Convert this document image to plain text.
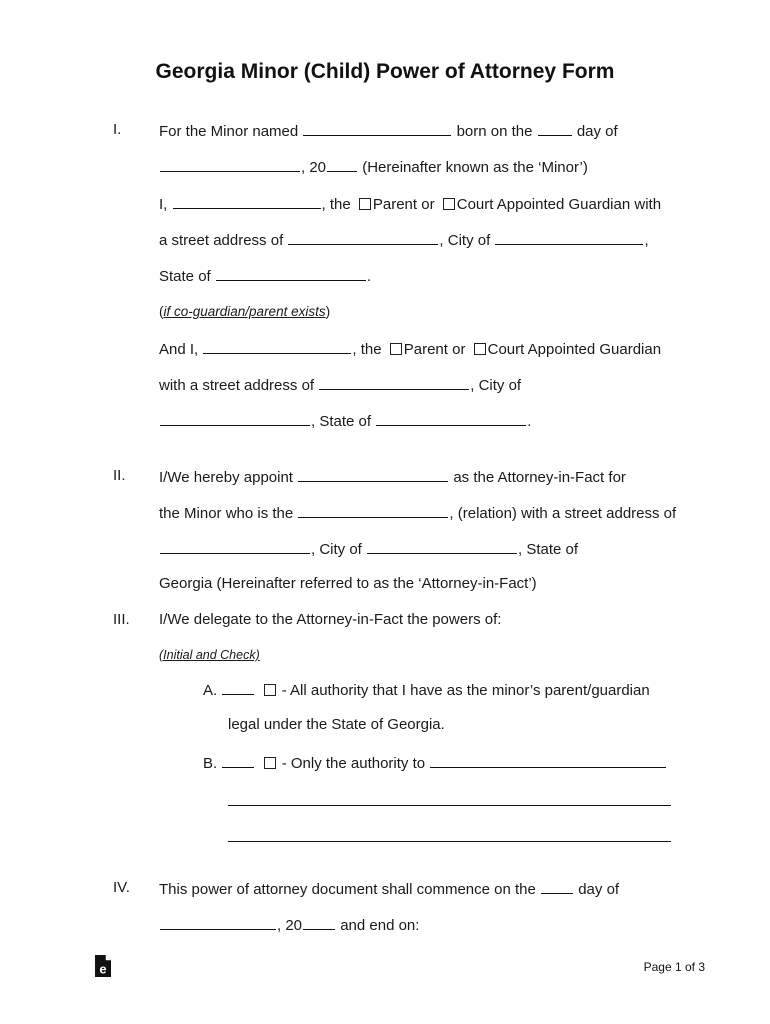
Georgia Minor (Child) Power of Attorney Form
I.	For the Minor named	born on the	day of
, 20 (Hereinafter known as the ‘Minor’)
I,	, the Parent or Court Appointed Guardian with
a street address of	, City of	,
State of	.
(if co-guardian/parent exists)
And I,	, the Parent or Court Appointed Guardian
with a street address of	, City of
, State of	.
II. I/We hereby appoint	as the Attorney-in-Fact for
the Minor who is the	, (relation) with a street address of
, City of	, State of
Georgia (Hereinafter referred to as the ‘Attorney-in-Fact’)
III. I/We delegate to the Attorney-in-Fact the powers of:
(Initial and Check)
A.	- All authority that I have as the minor’s parent/guardian
legal under the State of Georgia.
B.	- Only the authority to
IV. This power of attorney document shall commence on the	day of
, 20	and end on:
e	Page 1 of 3
